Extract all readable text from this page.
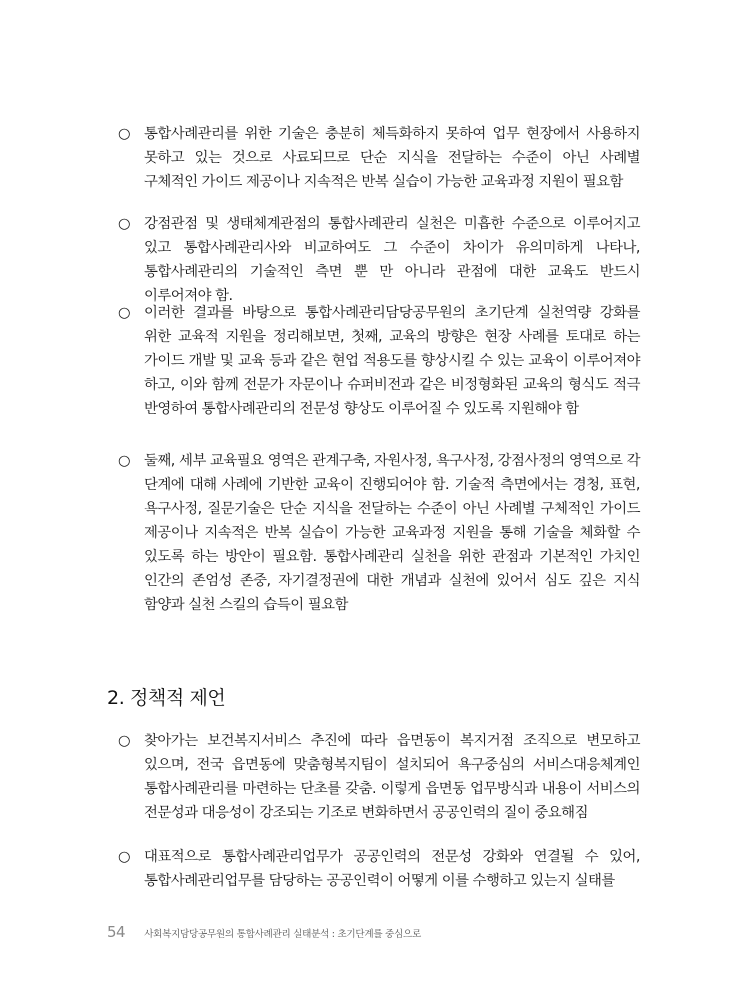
○ 통합사례관리를 위한 기술은 충분히 체득화하지 못하여 업무 현장에서 사용하지 못하고 있는 것으로 사료되므로 단순 지식을 전달하는 수준이 아닌 사례별 구체적인 가이드 제공이나 지속적은 반복 실습이 가능한 교육과정 지원이 필요함
○ 강점관점 및 생태체계관점의 통합사례관리 실천은 미흡한 수준으로 이루어지고 있고 통합사례관리사와 비교하여도 그 수준이 차이가 유의미하게 나타나, 통합사례관리의 기술적인 측면 뿐 만 아니라 관점에 대한 교육도 반드시 이루어져야 함.
○ 이러한 결과를 바탕으로 통합사례관리담당공무원의 초기단계 실천역량 강화를 위한 교육적 지원을 정리해보면, 첫째, 교육의 방향은 현장 사례를 토대로 하는 가이드 개발 및 교육 등과 같은 현업 적용도를 향상시킬 수 있는 교육이 이루어져야 하고, 이와 함께 전문가 자문이나 슈퍼비전과 같은 비정형화된 교육의 형식도 적극 반영하여 통합사례관리의 전문성 향상도 이루어질 수 있도록 지원해야 함
○ 둘째, 세부 교육필요 영역은 관계구축, 자원사정, 욕구사정, 강점사정의 영역으로 각 단계에 대해 사례에 기반한 교육이 진행되어야 함. 기술적 측면에서는 경청, 표현, 욕구사정, 질문기술은 단순 지식을 전달하는 수준이 아닌 사례별 구체적인 가이드 제공이나 지속적은 반복 실습이 가능한 교육과정 지원을 통해 기술을 체화할 수 있도록 하는 방안이 필요함. 통합사례관리 실천을 위한 관점과 기본적인 가치인 인간의 존엄성 존중, 자기결정권에 대한 개념과 실천에 있어서 심도 깊은 지식 함양과 실천 스킬의 습득이 필요함
2. 정책적 제언
○ 찾아가는 보건복지서비스 추진에 따라 읍면동이 복지거점 조직으로 변모하고 있으며, 전국 읍면동에 맞춤형복지팀이 설치되어 욕구중심의 서비스대응체계인 통합사례관리를 마련하는 단초를 갖춤. 이렇게 읍면동 업무방식과 내용이 서비스의 전문성과 대응성이 강조되는 기조로 변화하면서 공공인력의 질이 중요해짐
○ 대표적으로 통합사례관리업무가 공공인력의 전문성 강화와 연결될 수 있어, 통합사례관리업무를 담당하는 공공인력이 어떻게 이를 수행하고 있는지 실태를
54 사회복지담당공무원의 통합사례관리 실태분석 : 초기단계를 중심으로
